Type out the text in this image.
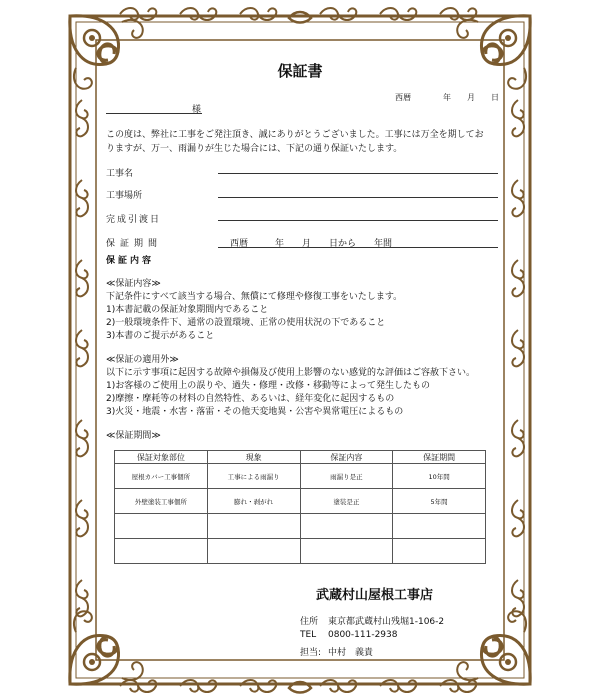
保証書
西暦　　　　年　　月　　日
様
この度は、弊社に工事をご発注頂き、誠にありがとうございました。工事には万全を期してお
りますが、万一、雨漏りが生じた場合には、下記の通り保証いたします。
工事名
工事場所
完成引渡日
保証期間	西暦　　　年　　月　　日から　　年間
保証内容
≪保証内容≫
下記条件にすべて該当する場合、無償にて修理や修復工事をいたします。
1)本書記載の保証対象期間内であること
2)一般環境条件下、通常の設置環境、正常の使用状況の下であること
3)本書のご提示があること
≪保証の適用外≫
以下に示す事項に起因する故障や損傷及び使用上影響のない感覚的な評価はご容赦下さい。
1)お客様のご使用上の誤りや、過失・修理・改修・移動等によって発生したもの
2)摩擦・摩耗等の材料の自然特性、あるいは、経年変化に起因するもの
3)火災・地震・水害・落雷・その他天変地異・公害や異常電圧によるもの
≪保証期間≫
保証対象部位	現象	保証内容	保証期間
屋根カバー工事個所	工事による雨漏り	雨漏り是正	10年間
外壁塗装工事個所	膨れ・剥がれ	塗装是正	5年間

武蔵村山屋根工事店
住所 東京都武蔵村山残堀1-106-2
TEL 0800-111-2938
担当: 中村　義貴
